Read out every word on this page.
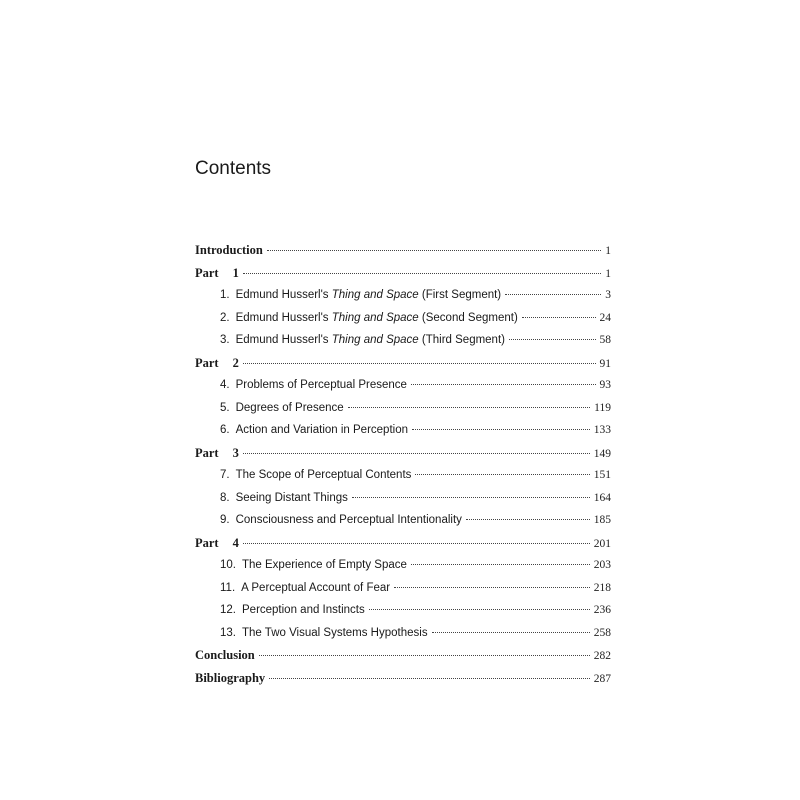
Contents
Introduction	1
Part 1	1
1. Edmund Husserl's Thing and Space (First Segment)	3
2. Edmund Husserl's Thing and Space (Second Segment)	24
3. Edmund Husserl's Thing and Space (Third Segment)	58
Part 2	91
4. Problems of Perceptual Presence	93
5. Degrees of Presence	119
6. Action and Variation in Perception	133
Part 3	149
7. The Scope of Perceptual Contents	151
8. Seeing Distant Things	164
9. Consciousness and Perceptual Intentionality	185
Part 4	201
10. The Experience of Empty Space	203
11. A Perceptual Account of Fear	218
12. Perception and Instincts	236
13. The Two Visual Systems Hypothesis	258
Conclusion	282
Bibliography	287
